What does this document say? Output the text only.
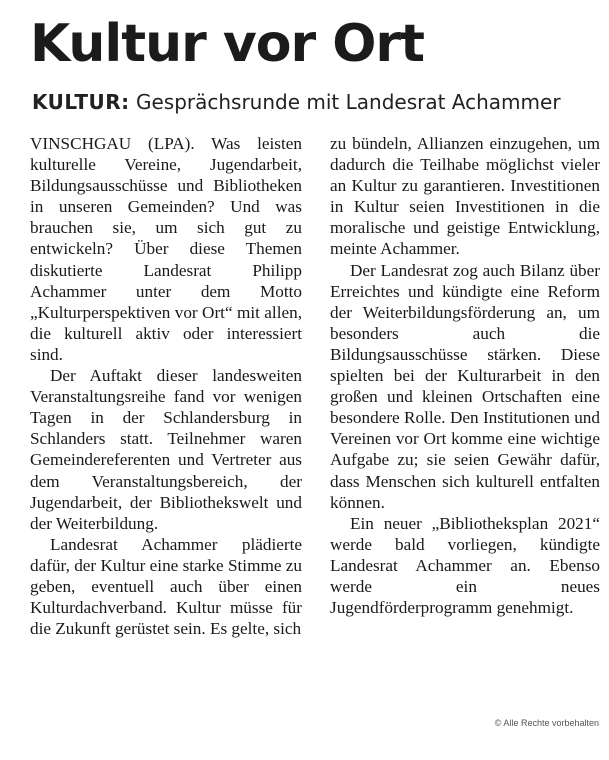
Kultur vor Ort
KULTUR: Gesprächsrunde mit Landesrat Achammer

VINSCHGAU (LPA). Was leisten kulturelle Vereine, Jugendarbeit, Bildungsausschüsse und Bibliotheken in unseren Gemeinden? Und was brauchen sie, um sich gut zu entwickeln? Über diese Themen diskutierte Landesrat Philipp Achammer unter dem Motto „Kulturperspektiven vor Ort“ mit allen, die kulturell aktiv oder interessiert sind.

Der Auftakt dieser landesweiten Veranstaltungsreihe fand vor wenigen Tagen in der Schlandersburg in Schlanders statt. Teilnehmer waren Gemeindereferenten und Vertreter aus dem Veranstaltungsbereich, der Jugendarbeit, der Bibliothekswelt und der Weiterbildung.

Landesrat Achammer plädierte dafür, der Kultur eine starke Stimme zu geben, eventuell auch über einen Kulturdachverband. Kultur müsse für die Zukunft gerüstet sein. Es gelte, sich

zu bündeln, Allianzen einzugehen, um dadurch die Teilhabe möglichst vieler an Kultur zu garantieren. Investitionen in Kultur seien Investitionen in die moralische und geistige Entwicklung, meinte Achammer.

Der Landesrat zog auch Bilanz über Erreichtes und kündigte eine Reform der Weiterbildungsförderung an, um besonders auch die Bildungsausschüsse stärken. Diese spielten bei der Kulturarbeit in den großen und kleinen Ortschaften eine besondere Rolle. Den Institutionen und Vereinen vor Ort komme eine wichtige Aufgabe zu; sie seien Gewähr dafür, dass Menschen sich kulturell entfalten können.

Ein neuer „Bibliotheksplan 2021“ werde bald vorliegen, kündigte Landesrat Achammer an. Ebenso werde ein neues Jugendförderprogramm genehmigt.

© Alle Rechte vorbehalten
